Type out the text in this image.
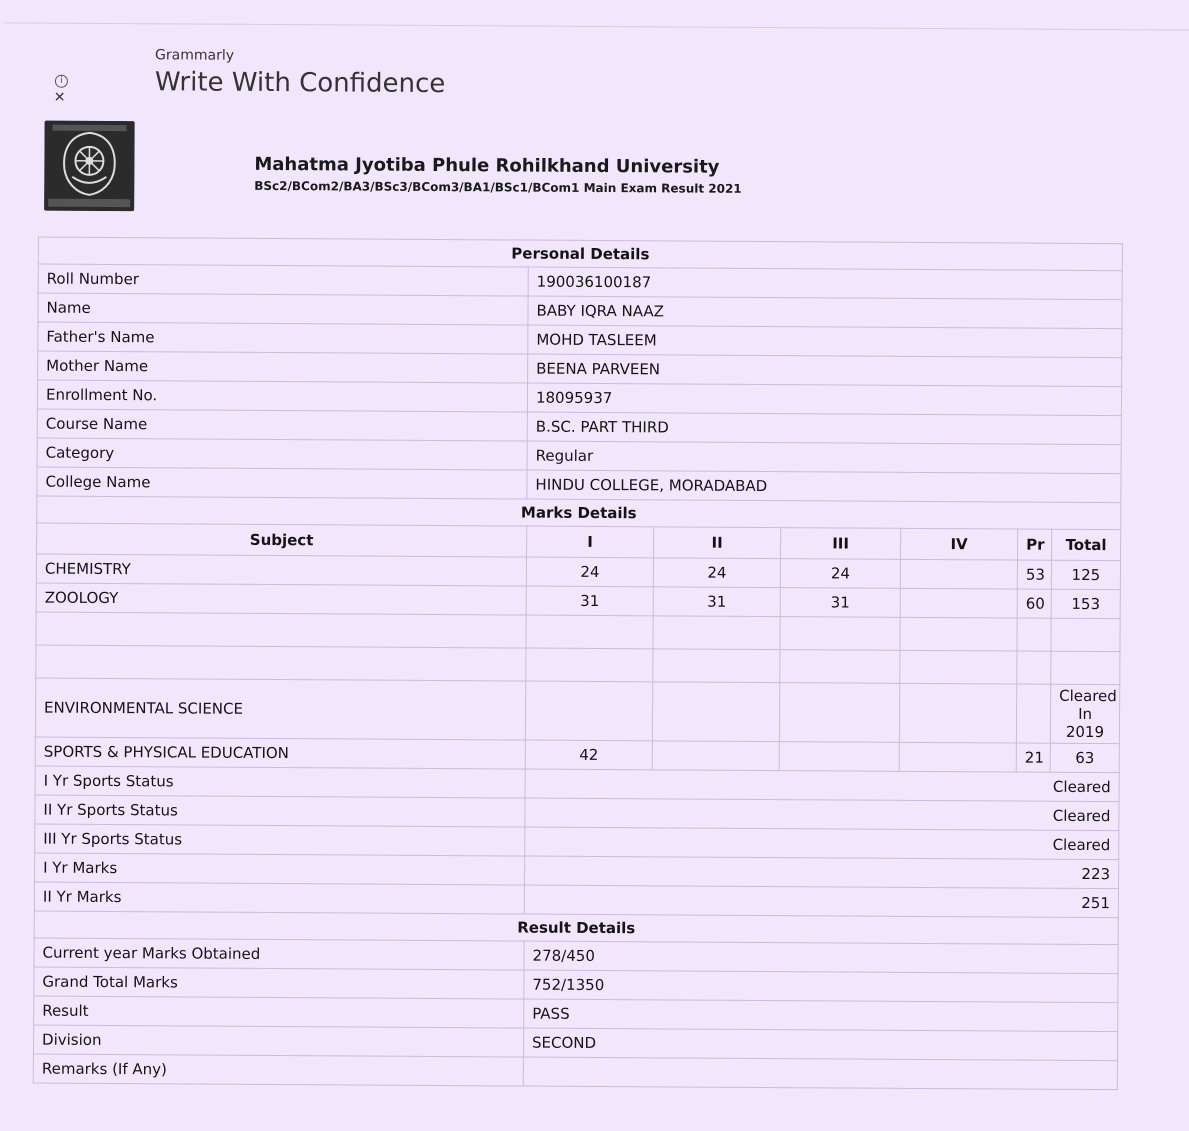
i
✕
Grammarly
Write With Confidence
Mahatma Jyotiba Phule Rohilkhand University
BSc2/BCom2/BA3/BSc3/BCom3/BA1/BSc1/BCom1 Main Exam Result 2021
Personal Details						
Roll Number	190036100187					
Name	BABY IQRA NAAZ					
Father's Name	MOHD TASLEEM					
Mother Name	BEENA PARVEEN					
Enrollment No.	18095937					
Course Name	B.SC. PART THIRD					
Category	Regular					
College Name	HINDU COLLEGE, MORADABAD					
Marks Details						
Subject	I	II	III	IV	Pr	Total
CHEMISTRY	24	24	24		53	125
ZOOLOGY	31	31	31		60	153

ENVIRONMENTAL SCIENCE						Cleared In 2019
SPORTS & PHYSICAL EDUCATION	42				21	63
I Yr Sports Status	Cleared					
II Yr Sports Status	Cleared					
III Yr Sports Status	Cleared					
I Yr Marks	223					
II Yr Marks	251					
Result Details						
Current year Marks Obtained	278/450					
Grand Total Marks	752/1350					
Result	PASS					
Division	SECOND					
Remarks (If Any)						
